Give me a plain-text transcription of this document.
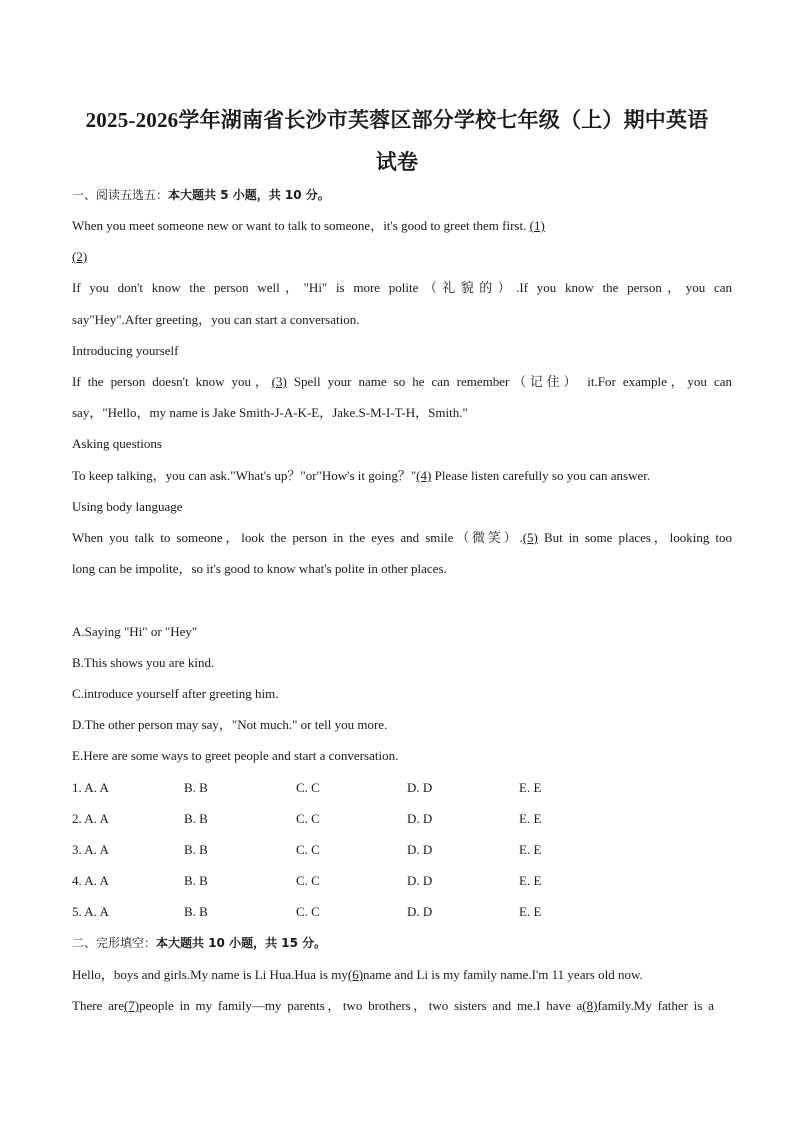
2025-2026学年湖南省长沙市芙蓉区部分学校七年级（上）期中英语
试卷
一、阅读五选五：本大题共 5 小题，共 10 分。
When you meet someone new or want to talk to someone，it's good to greet them first. (1)
(2)
If you don't know the person well，"Hi" is more polite（礼貌的）.If you know the person，you can
say"Hey".After greeting，you can start a conversation.
Introducing yourself
If the person doesn't know you，(3) Spell your name so he can remember（记住） it.For example，you can
say，"Hello，my name is Jake Smith-J-A-K-E，Jake.S-M-I-T-H，Smith."
Asking questions
To keep talking，you can ask."What's up？"or"How's it going？"(4) Please listen carefully so you can answer.
Using body language
When you talk to someone，look the person in the eyes and smile（微笑）.(5) But in some places，looking too
long can be impolite，so it's good to know what's polite in other places.
A.Saying "Hi" or "Hey"
B.This shows you are kind.
C.introduce yourself after greeting him.
D.The other person may say，"Not much." or tell you more.
E.Here are some ways to greet people and start a conversation.
1. A. A	B. B	C. C	D. D	E. E
2. A. A	B. B	C. C	D. D	E. E
3. A. A	B. B	C. C	D. D	E. E
4. A. A	B. B	C. C	D. D	E. E
5. A. A	B. B	C. C	D. D	E. E
二、完形填空：本大题共 10 小题，共 15 分。
Hello，boys and girls.My name is Li Hua.Hua is my(6)name and Li is my family name.I'm 11 years old now.
There are(7)people in my family—my parents，two brothers，two sisters and me.I have a(8)family.My father is a
